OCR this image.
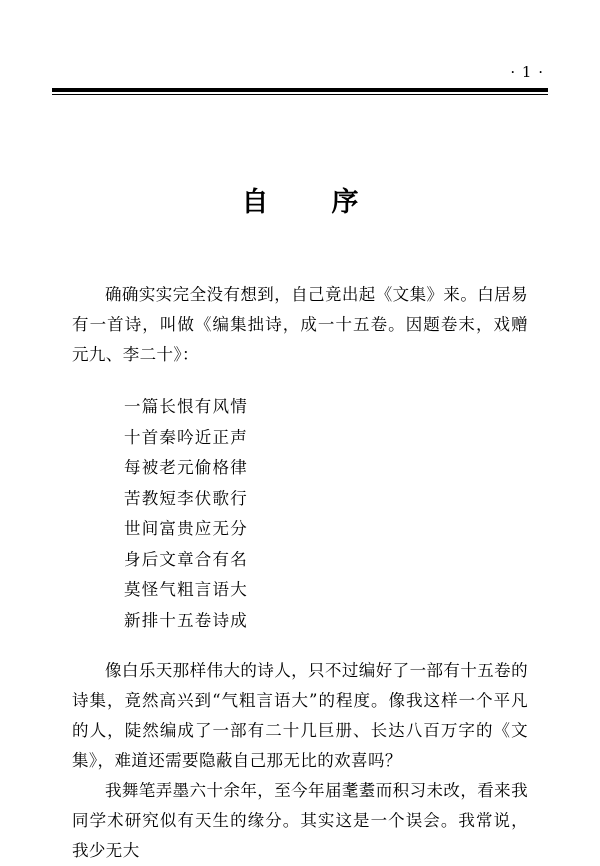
· 1 ·
自　序

确确实实完全没有想到，自己竟出起《文集》来。白居易有一首诗，叫做《编集拙诗，成一十五卷。因题卷末，戏赠元九、李二十》：

一篇长恨有风情
十首秦吟近正声
每被老元偷格律
苦教短李伏歌行
世间富贵应无分
身后文章合有名
莫怪气粗言语大
新排十五卷诗成

像白乐天那样伟大的诗人，只不过编好了一部有十五卷的诗集，竟然高兴到“气粗言语大”的程度。像我这样一个平凡的人，陡然编成了一部有二十几巨册、长达八百万字的《文集》，难道还需要隐蔽自己那无比的欢喜吗？

我舞笔弄墨六十余年，至今年届耄耋而积习未改，看来我同学术研究似有天生的缘分。其实这是一个误会。我常说，我少无大
